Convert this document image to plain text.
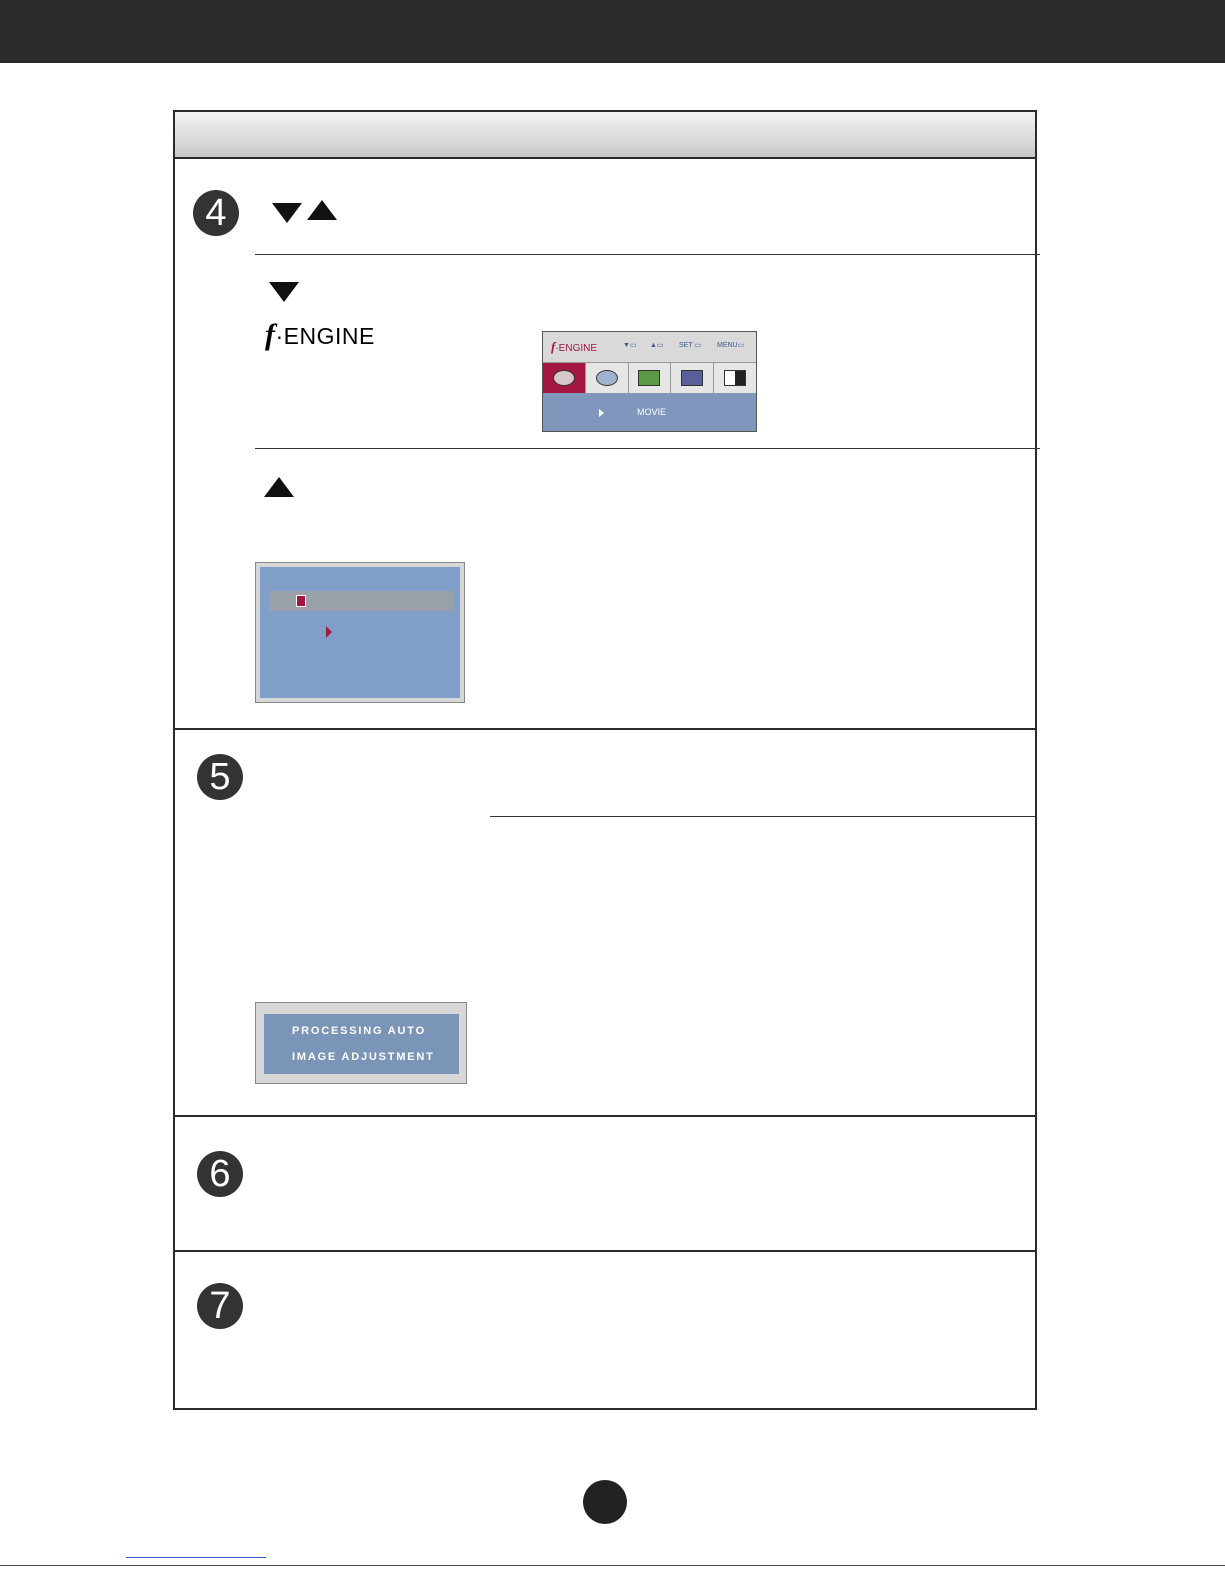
4
f·ENGINE	f·ENGINE	▼▭ ▲▭ SET ▭ MENU▭
MOVIE
5
PROCESSING AUTO
IMAGE ADJUSTMENT
6
7
